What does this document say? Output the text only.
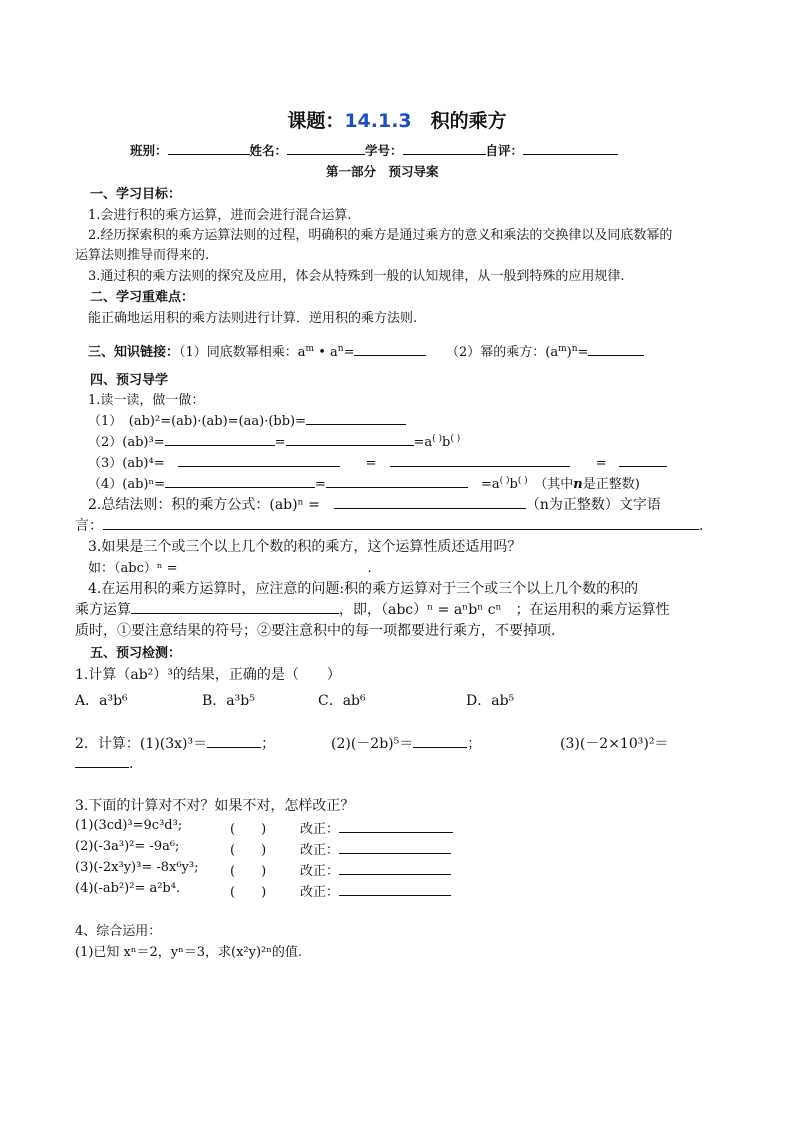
课题：14.1.3　 积的乘方
班别：	姓名：	学号：	自评：
第一部分　预习导案
一、学习目标：
1.会进行积的乘方运算，进而会进行混合运算.
2.经历探索积的乘方运算法则的过程，明确积的乘方是通过乘方的意义和乘法的交换律以及同底数幂的
运算法则推导而得来的.
3.通过积的乘方法则的探究及应用，体会从特殊到一般的认知规律，从一般到特殊的应用规律.
二、学习重难点：
能正确地运用积的乘方法则进行计算．逆用积的乘方法则.
三、知识链接：（1）同底数幂相乘：$a^m$ • $a^n=$　　	（2）幂的乘方：$(a^m)^n=$
四、预习导学
1.读一读，做一做：
（1）　(ab)²=(ab)·(ab)=(aa)·(bb)=
（2）(ab)³=	=	=a( )b( )
（3）(ab)⁴=　　　	=　　　	=　
（4）(ab)ⁿ=	=　	=a( )b( )　 （其中n是正整数)
2.总结法则：积的乘方公式：(ab)ⁿ =　	（n为正整数）文字语
言：	.
3.如果是三个或三个以上几个数的积的乘方，这个运算性质还适用吗？
如：（abc）ⁿ =	.
4.在运用积的乘方运算时，应注意的问题:积的乘方运算对于三个或三个以上几个数的积的
乘方运算	，即，（abc）ⁿ = aⁿbⁿ cⁿ　；在运用积的乘方运算性
质时，①要注意结果的符号；②要注意积中的每一项都要进行乘方，不要掉项.
五、预习检测：
1.计算（ab²）³的结果，正确的是（　　）
A．a³b⁶	B．a³b⁵	C．ab⁶	D．ab⁵
2．计算：(1)(3x)³＝	；	(2)(－2b)⁵＝	；	(3)(－2×10³)²＝
.
3.下面的计算对不对？如果不对，怎样改正？
(1)(3cd)³=9c³d³;	(　　)	改正：
(2)(-3a³)²= -9a⁶;	(　　)	改正：
(3)(-2x³y)³= -8x⁶y³; (　　)	改正：
(4)(-ab²)²= a²b⁴.	(　　)	改正：
4、综合运用：
(1)已知 xⁿ＝2，yⁿ＝3，求(x²y)²ⁿ的值.
